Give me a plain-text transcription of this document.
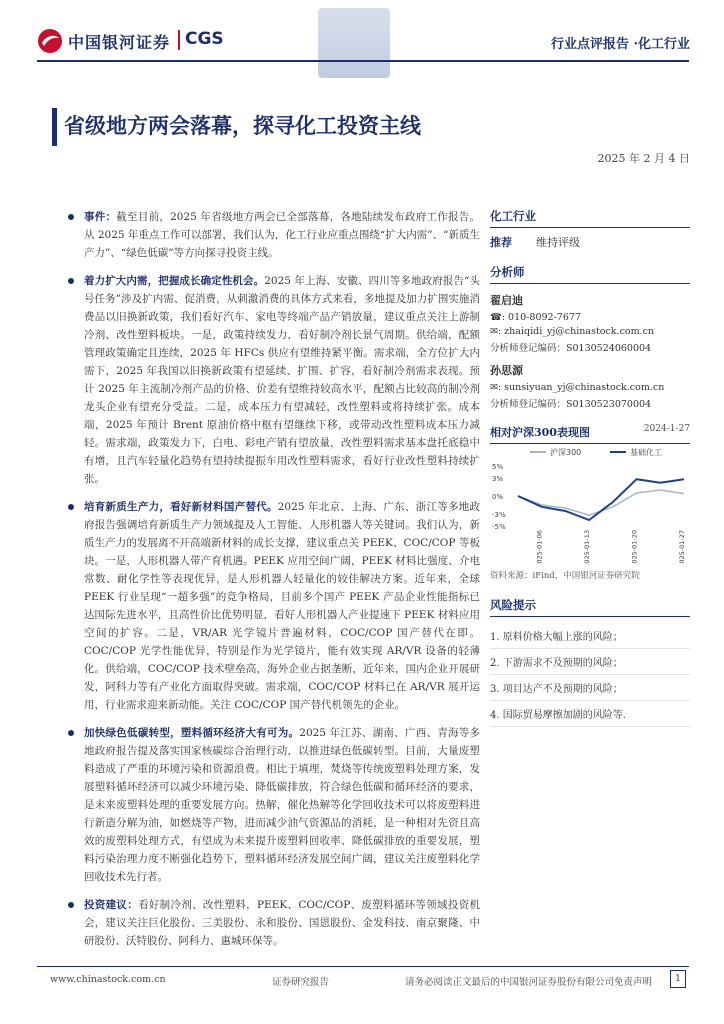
中国银河证券 CGS	行业点评报告 ·化工行业
省级地方两会落幕，探寻化工投资主线
2025 年 2 月 4 日
事件：截至目前，2025 年省级地方两会已全部落幕，各地陆续发布政府工作报告。从 2025 年重点工作可以部署，我们认为，化工行业应重点围绕“扩大内需”、“新质生产力”、“绿色低碳”等方向探寻投资主线。
着力扩大内需，把握成长确定性机会。2025 年上海、安徽、四川等多地政府报告“头号任务”涉及扩内需、促消费，从刺激消费的具体方式来看，多地提及加力扩围实施消费品以旧换新政策，我们看好汽车、家电等终端产品产销放量，建议重点关注上游制冷剂、改性塑料板块。一是，政策持续发力，看好制冷剂长景气周期。供给端，配额管理政策确定且连续，2025 年 HFCs 供应有望维持紧平衡。需求端，全方位扩大内需下，2025 年我国以旧换新政策有望延续、扩围、扩容，看好制冷剂需求表现。预计 2025 年主流制冷剂产品的价格、价差有望维持较高水平，配额占比较高的制冷剂龙头企业有望充分受益。二是，成本压力有望减轻，改性塑料或将持续扩张。成本端，2025 年预计 Brent 原油价格中枢有望继续下移，或带动改性塑料成本压力减轻。需求端，政策发力下，白电、彩电产销有望放量，改性塑料需求基本盘托底稳中有增，且汽车轻量化趋势有望持续提振车用改性塑料需求，看好行业改性塑料持续扩张。
培育新质生产力，看好新材料国产替代。2025 年北京、上海、广东、浙江等多地政府报告强调培育新质生产力领域提及人工智能、人形机器人等关键词。我们认为，新质生产力的发展离不开高端新材料的成长支撑，建议重点关 PEEK、COC/COP 等板块。一是，人形机器人带产育机遇。PEEK 应用空间广阔，PEEK 材料比强度、介电常数、耐化学性等表现优异，是人形机器人轻量化的较佳解决方案。近年来，全球 PEEK 行业呈现“一超多强”的竞争格局，目前多个国产 PEEK 产品企业性能指标已达国际先进水平，且高性价比优势明显，看好人形机器人产业提速下 PEEK 材料应用空间的扩容。二是，VR/AR 光学镜片普遍材料，COC/COP 国产替代在即。COC/COP 光学性能优异，特别是作为光学镜片，能有效实现 AR/VR 设备的轻薄化。供给端，COC/COP 技术壁垒高，海外企业占据垄断，近年来，国内企业开展研发，阿科力等有产业化方面取得突破。需求端，COC/COP 材料已在 AR/VR 展开运用，行业需求迎来新动能。关注 COC/COP 国产替代机领先的企业。
加快绿色低碳转型，塑料循环经济大有可为。2025 年江苏、湖南、广西、青海等多地政府报告提及落实国家核碳综合治理行动，以推进绿色低碳转型。目前，大量废塑料造成了严重的环境污染和资源浪费。相比于填埋，焚烧等传统废塑料处理方案，发展塑料循环经济可以减少环境污染、降低碳排放，符合绿色低碳和循环经济的要求，是未来废塑料处理的重要发展方向。热解，催化热解等化学回收技术可以将废塑料进行新造分解为油，如燃烧等产物，进而减少油气资源品的消耗，是一种相对先资且高效的废塑料处理方式，有望成为未来提升废塑料回收率、降低碳排放的重要发展，塑料污染治理力度不断强化趋势下，塑料循环经济发展空间广阔，建议关注废塑料化学回收技术先行者。
投资建议：看好制冷剂、改性塑料，PEEK、COC/COP、废塑料循环等领域投资机会，建议关注巨化股份、三美股份、永和股份、国恩股份、金发科技、南京聚隆、中研股份、沃特股份、阿科力、惠城环保等。
化工行业
推荐 维持评级
分析师
翟启迪
☎: 010-8092-7677
✉: zhaiqidi_yj@chinastock.com.cn
分析师登记编码：S0130524060004
孙思源
✉: sunsiyuan_yj@chinastock.com.cn
分析师登记编码：S0130523070004
相对沪深300表现图	2024-1-27
沪深300	基础化工
5%
3%
0%
-3%
-5%
2025-01-06	2025-01-13	2025-01-20	2025-01-27
资料来源：iFind，中国银河证券研究院
风险提示
1. 原料价格大幅上涨的风险；
2. 下游需求不及预期的风险；
3. 项目达产不及预期的风险；
4. 国际贸易摩擦加剧的风险等.
www.chinastock.com.cn	证券研究报告	请务必阅读正文最后的中国银河证券股份有限公司免责声明	1
